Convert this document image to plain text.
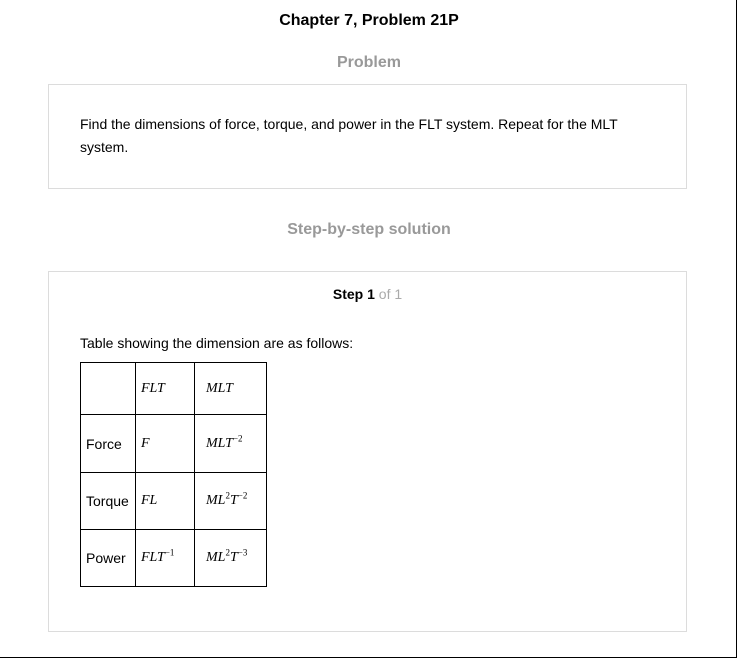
Chapter 7, Problem 21P
Problem
Find the dimensions of force, torque, and power in the FLT system. Repeat for the MLT system.
Step-by-step solution
Step 1 of 1
Table showing the dimension are as follows:
	FLT	MLT
Force	F	$MLT^{-2}$
Torque	FL	$ML^2T^{-2}$
Power	$FLT^{-1}$	$ML^2T^{-3}$
